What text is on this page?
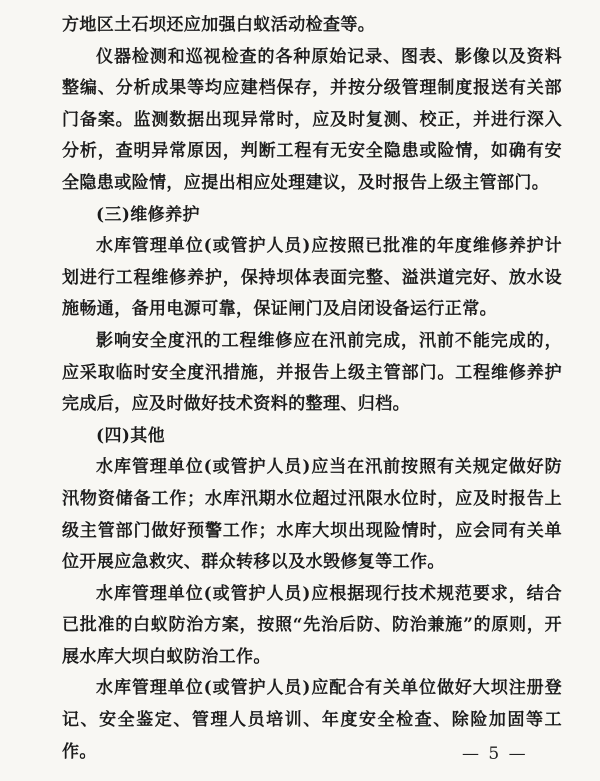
方地区土石坝还应加强白蚁活动检查等。

仪器检测和巡视检查的各种原始记录、图表、影像以及资料整编、分析成果等均应建档保存，并按分级管理制度报送有关部门备案。监测数据出现异常时，应及时复测、校正，并进行深入分析，查明异常原因，判断工程有无安全隐患或险情，如确有安全隐患或险情，应提出相应处理建议，及时报告上级主管部门。

(三)维修养护

水库管理单位(或管护人员)应按照已批准的年度维修养护计划进行工程维修养护，保持坝体表面完整、溢洪道完好、放水设施畅通，备用电源可靠，保证闸门及启闭设备运行正常。

影响安全度汛的工程维修应在汛前完成，汛前不能完成的，应采取临时安全度汛措施，并报告上级主管部门。工程维修养护完成后，应及时做好技术资料的整理、归档。

(四)其他

水库管理单位(或管护人员)应当在汛前按照有关规定做好防汛物资储备工作；水库汛期水位超过汛限水位时，应及时报告上级主管部门做好预警工作；水库大坝出现险情时，应会同有关单位开展应急救灾、群众转移以及水毁修复等工作。

水库管理单位(或管护人员)应根据现行技术规范要求，结合已批准的白蚁防治方案，按照“先治后防、防治兼施”的原则，开展水库大坝白蚁防治工作。

水库管理单位(或管护人员)应配合有关单位做好大坝注册登记、安全鉴定、管理人员培训、年度安全检查、除险加固等工作。	— 5 —
